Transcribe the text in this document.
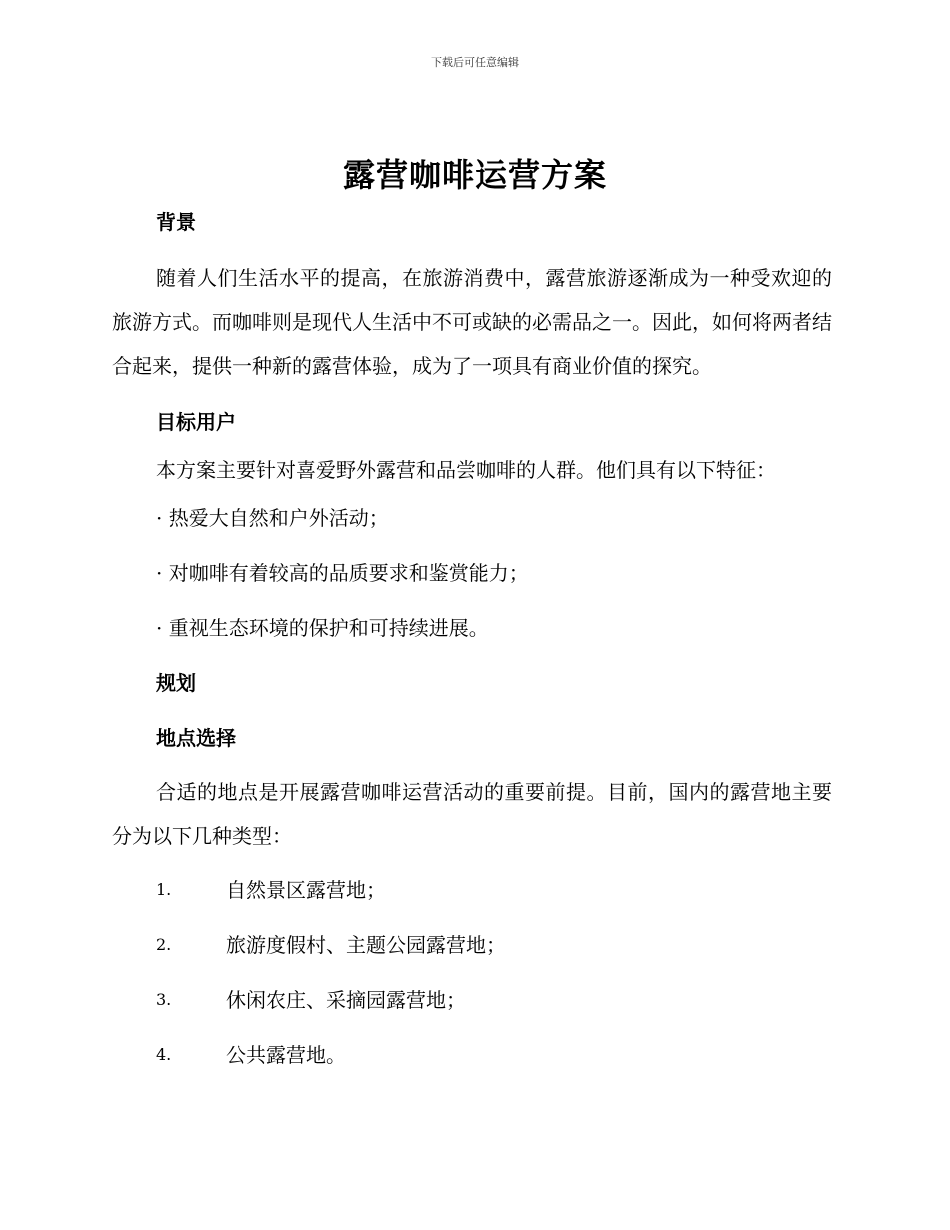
下载后可任意编辑
露营咖啡运营方案

背景

随着人们生活水平的提高，在旅游消费中，露营旅游逐渐成为一种受欢迎的旅游方式。而咖啡则是现代人生活中不可或缺的必需品之一。因此，如何将两者结合起来，提供一种新的露营体验，成为了一项具有商业价值的探究。

目标用户

本方案主要针对喜爱野外露营和品尝咖啡的人群。他们具有以下特征：

· 热爱大自然和户外活动；

· 对咖啡有着较高的品质要求和鉴赏能力；

· 重视生态环境的保护和可持续进展。

规划

地点选择

合适的地点是开展露营咖啡运营活动的重要前提。目前，国内的露营地主要分为以下几种类型：

1.	自然景区露营地；
2.	旅游度假村、主题公园露营地；
3.	休闲农庄、采摘园露营地；
4.	公共露营地。
